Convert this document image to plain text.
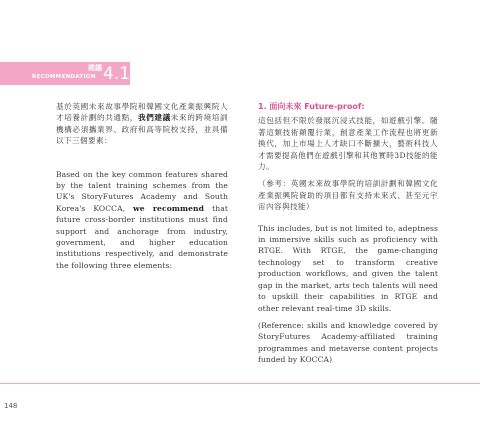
建議
RECOMMENDATION 4.1
基於英國未來故事學院和韓國文化產業振興院人才培養計劃的共通點，我們建議未來的跨境培訓機構必須攜業界、政府和高等院校支持，並具備以下三個要素：
Based on the key common features shared by the talent training schemes from the UK's StoryFutures Academy and South Korea's KOCCA, we recommend that future cross-border institutions must find support and anchorage from industry, government, and higher education institutions respectively, and demonstrate the following three elements:
1. 面向未來 Future-proof:
這包括但不限於發展沉浸式技能，如遊戲引擎。隨著這類技術顛覆行業，創意產業工作流程也將更新換代，加上市場上人才缺口不斷擴大，藝術科技人才需要提高他們在遊戲引擎和其他實時3D技能的能力。
（參考：英國未來故事學院的培訓計劃和韓國文化產業振興院資助的項目都有支持未來式、甚至元宇宙內容與技能）
This includes, but is not limited to, adeptness in immersive skills such as proficiency with RTGE. With RTGE, the game-changing technology set to transform creative production workflows, and given the talent gap in the market, arts tech talents will need to upskill their capabilities in RTGE and other relevant real-time 3D skills.
(Reference: skills and knowledge covered by StoryFutures Academy-affiliated training programmes and metaverse content projects funded by KOCCA)
148
